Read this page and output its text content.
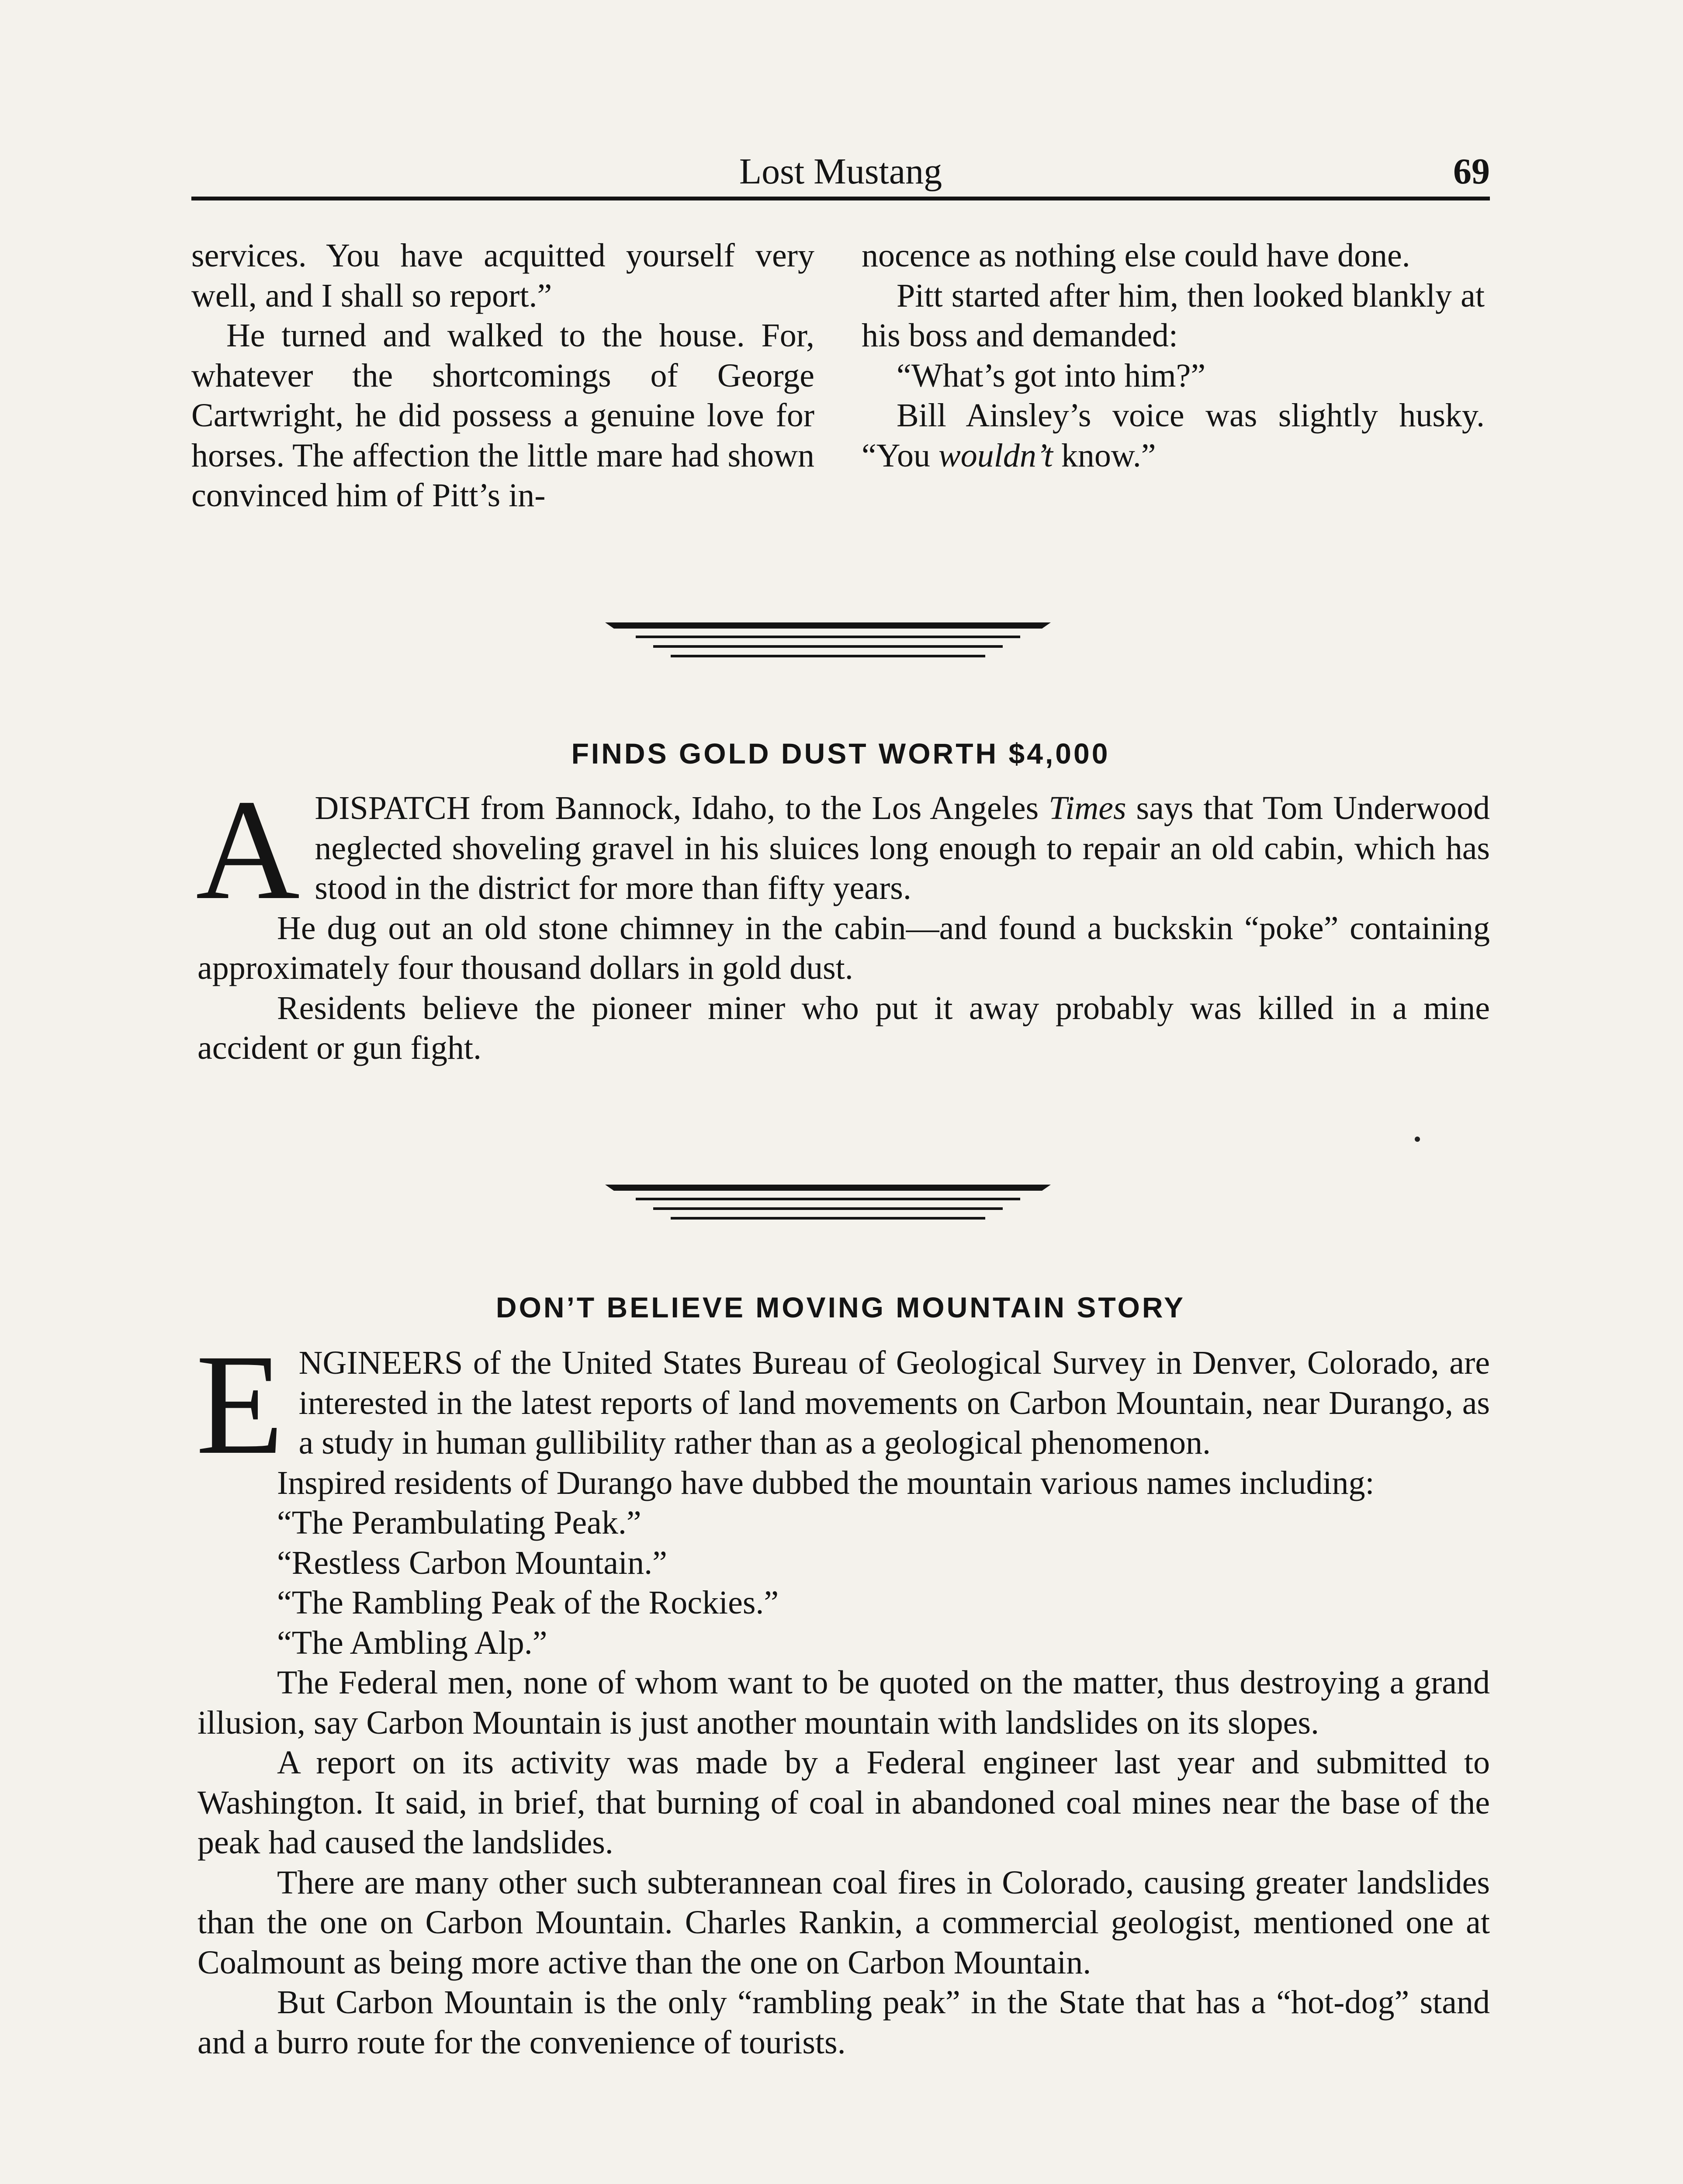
Lost Mustang	69

services. You have acquitted yourself very well, and I shall so report.”

He turned and walked to the house. For, whatever the shortcomings of George Cartwright, he did possess a genuine love for horses. The affection the little mare had shown convinced him of Pitt’s in-

nocence as nothing else could have done.

Pitt started after him, then looked blankly at his boss and demanded:

“What’s got into him?”

Bill Ainsley’s voice was slightly husky. “You wouldn’t know.”

FINDS GOLD DUST WORTH $4,000

ADISPATCH from Bannock, Idaho, to the Los Angeles Times says that Tom Underwood neglected shoveling gravel in his sluices long enough to repair an old cabin, which has stood in the district for more than fifty years.

He dug out an old stone chimney in the cabin—and found a buckskin “poke” containing approximately four thousand dollars in gold dust.

Residents believe the pioneer miner who put it away probably was killed in a mine accident or gun fight.

DON’T BELIEVE MOVING MOUNTAIN STORY

ENGINEERS of the United States Bureau of Geological Survey in Denver, Colorado, are interested in the latest reports of land movements on Carbon Mountain, near Durango, as a study in human gullibility rather than as a geological phenomenon.

Inspired residents of Durango have dubbed the mountain various names including:

“The Perambulating Peak.”

“Restless Carbon Mountain.”

“The Rambling Peak of the Rockies.”

“The Ambling Alp.”

The Federal men, none of whom want to be quoted on the matter, thus destroying a grand illusion, say Carbon Mountain is just another mountain with landslides on its slopes.

A report on its activity was made by a Federal engineer last year and submitted to Washington. It said, in brief, that burning of coal in abandoned coal mines near the base of the peak had caused the landslides.

There are many other such subterannean coal fires in Colorado, causing greater landslides than the one on Carbon Mountain. Charles Rankin, a commercial geologist, mentioned one at Coalmount as being more active than the one on Carbon Mountain.

But Carbon Mountain is the only “rambling peak” in the State that has a “hot-dog” stand and a burro route for the convenience of tourists.
